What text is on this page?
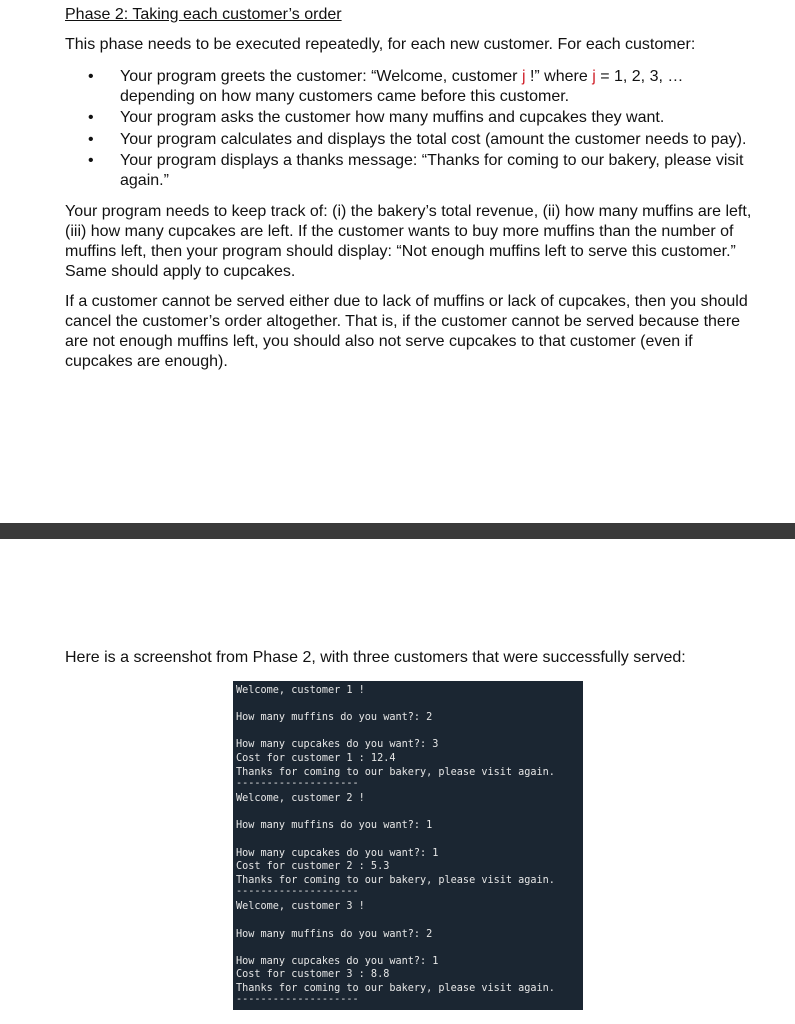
Phase 2: Taking each customer’s order

This phase needs to be executed repeatedly, for each new customer. For each customer:

• Your program greets the customer: “Welcome, customer j !” where j = 1, 2, 3, … depending on how many customers came before this customer.
• Your program asks the customer how many muffins and cupcakes they want.
• Your program calculates and displays the total cost (amount the customer needs to pay).
• Your program displays a thanks message: “Thanks for coming to our bakery, please visit again.”

Your program needs to keep track of: (i) the bakery’s total revenue, (ii) how many muffins are left, (iii) how many cupcakes are left. If the customer wants to buy more muffins than the number of muffins left, then your program should display: “Not enough muffins left to serve this customer.” Same should apply to cupcakes.

If a customer cannot be served either due to lack of muffins or lack of cupcakes, then you should cancel the customer’s order altogether. That is, if the customer cannot be served because there are not enough muffins left, you should also not serve cupcakes to that customer (even if cupcakes are enough).

Here is a screenshot from Phase 2, with three customers that were successfully served:

Welcome, customer 1 !
How many muffins do you want?: 2
How many cupcakes do you want?: 3
Cost for customer 1 : 12.4
Thanks for coming to our bakery, please visit again.
--------------------
Welcome, customer 2 !
How many muffins do you want?: 1
How many cupcakes do you want?: 1
Cost for customer 2 : 5.3
Thanks for coming to our bakery, please visit again.
--------------------
Welcome, customer 3 !
How many muffins do you want?: 2
How many cupcakes do you want?: 1
Cost for customer 3 : 8.8
Thanks for coming to our bakery, please visit again.
--------------------
